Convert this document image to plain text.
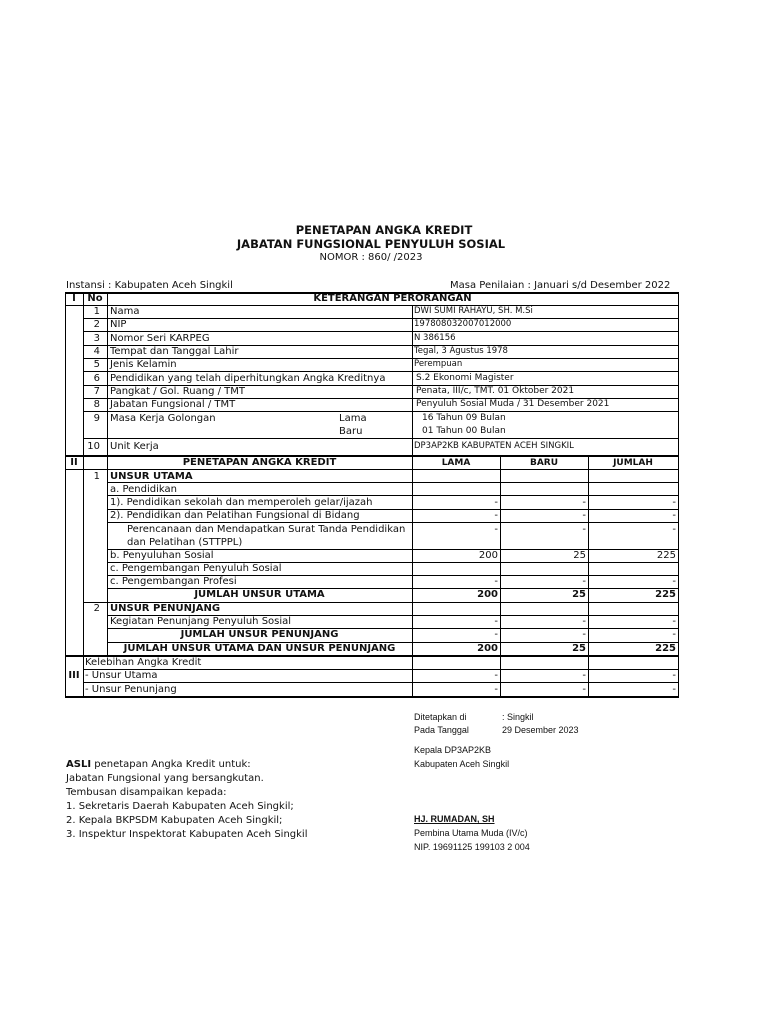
PENETAPAN ANGKA KREDIT
JABATAN FUNGSIONAL PENYULUH SOSIAL
NOMOR : 860/ /2023
Instansi : Kabupaten Aceh Singkil	Masa Penilaian : Januari s/d Desember 2022
I	No	KETERANGAN PERORANGAN
1 Nama	DWI SUMI RAHAYU, SH. M.Si
2 NIP	197808032007012000
3 Nomor Seri KARPEG	N 386156
4 Tempat dan Tanggal Lahir	Tegal, 3 Agustus 1978
5 Jenis Kelamin	Perempuan
6 Pendidikan yang telah diperhitungkan Angka Kreditnya	S.2 Ekonomi Magister
7 Pangkat / Gol. Ruang / TMT	Penata, III/c, TMT. 01 Oktober 2021
8 Jabatan Fungsional / TMT	Penyuluh Sosial Muda / 31 Desember 2021
9 Masa Kerja Golongan	Lama	16 Tahun 09 Bulan
Baru	01 Tahun 00 Bulan
10 Unit Kerja	DP3AP2KB KABUPATEN ACEH SINGKIL
II	PENETAPAN ANGKA KREDIT	LAMA	BARU	JUMLAH
1 UNSUR UTAMA
a. Pendidikan
1). Pendidikan sekolah dan memperoleh gelar/ijazah	-	-	-
2). Pendidikan dan Pelatihan Fungsional di Bidang	-	-	-
Perencanaan dan Mendapatkan Surat Tanda Pendidikan	-	-	-
dan Pelatihan (STTPPL)
b. Penyuluhan Sosial	200	25	225
c. Pengembangan Penyuluh Sosial
c. Pengembangan Profesi	-	-	-
JUMLAH UNSUR UTAMA	200	25	225
2 UNSUR PENUNJANG
Kegiatan Penunjang Penyuluh Sosial	-	-	-
JUMLAH UNSUR PENUNJANG	-	-	-
JUMLAH UNSUR UTAMA DAN UNSUR PENUNJANG	200	25	225
III
Kelebihan Angka Kredit
- Unsur Utama	-	-	-
- Unsur Penunjang	-	-	-
Ditetapkan di	: Singkil
Pada Tanggal	29 Desember 2023
Kepala DP3AP2KB
Kabupaten Aceh Singkil
HJ. RUMADAN, SH
Pembina Utama Muda (IV/c)
NIP. 19691125 199103 2 004
ASLI penetapan Angka Kredit untuk:
Jabatan Fungsional yang bersangkutan.
Tembusan disampaikan kepada:
1. Sekretaris Daerah Kabupaten Aceh Singkil;
2. Kepala BKPSDM Kabupaten Aceh Singkil;
3. Inspektur Inspektorat Kabupaten Aceh Singkil
